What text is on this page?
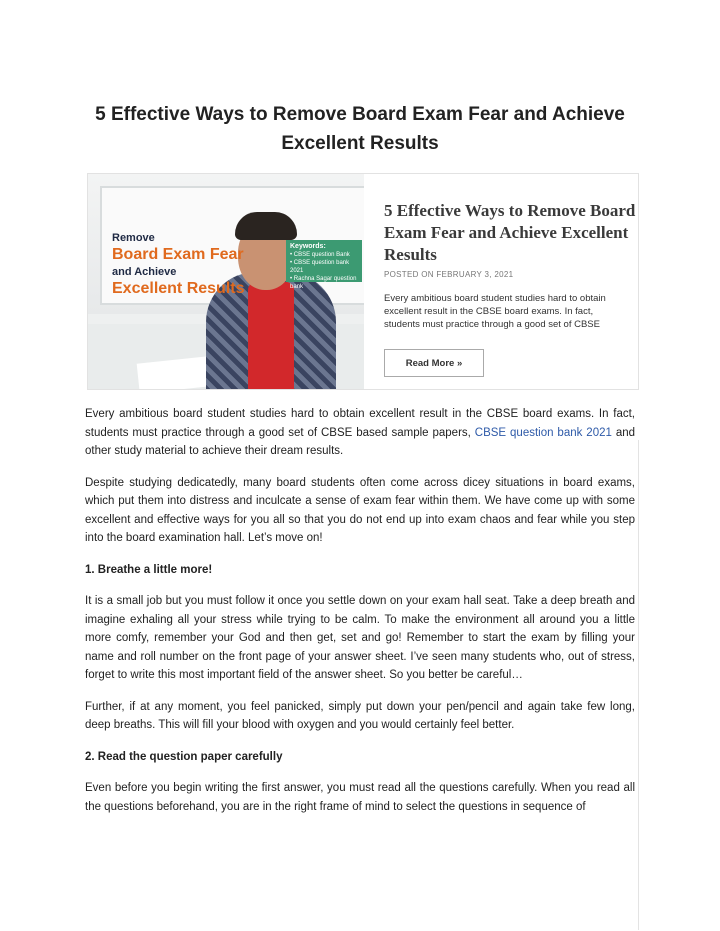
5 Effective Ways to Remove Board Exam Fear and Achieve Excellent Results
Remove
Board Exam Fear
and Achieve
Excellent Results
Keywords:
• CBSE question Bank
• CBSE question bank 2021
• Rachna Sagar question bank
5 Effective Ways to Remove Board Exam Fear and Achieve Excellent Results
POSTED ON FEBRUARY 3, 2021
Every ambitious board student studies hard to obtain excellent result in the CBSE board exams. In fact, students must practice through a good set of CBSE
Read More »

Every ambitious board student studies hard to obtain excellent result in the CBSE board exams. In fact, students must practice through a good set of CBSE based sample papers, CBSE question bank 2021 and other study material to achieve their dream results.

Despite studying dedicatedly, many board students often come across dicey situations in board exams, which put them into distress and inculcate a sense of exam fear within them. We have come up with some excellent and effective ways for you all so that you do not end up into exam chaos and fear while you step into the board examination hall. Let’s move on!

1. Breathe a little more!

It is a small job but you must follow it once you settle down on your exam hall seat. Take a deep breath and imagine exhaling all your stress while trying to be calm. To make the environment all around you a little more comfy, remember your God and then get, set and go! Remember to start the exam by filling your name and roll number on the front page of your answer sheet. I’ve seen many students who, out of stress, forget to write this most important field of the answer sheet. So you better be careful…

Further, if at any moment, you feel panicked, simply put down your pen/pencil and again take few long, deep breaths. This will fill your blood with oxygen and you would certainly feel better.

2. Read the question paper carefully

Even before you begin writing the first answer, you must read all the questions carefully. When you read all the questions beforehand, you are in the right frame of mind to select the questions in sequence of
